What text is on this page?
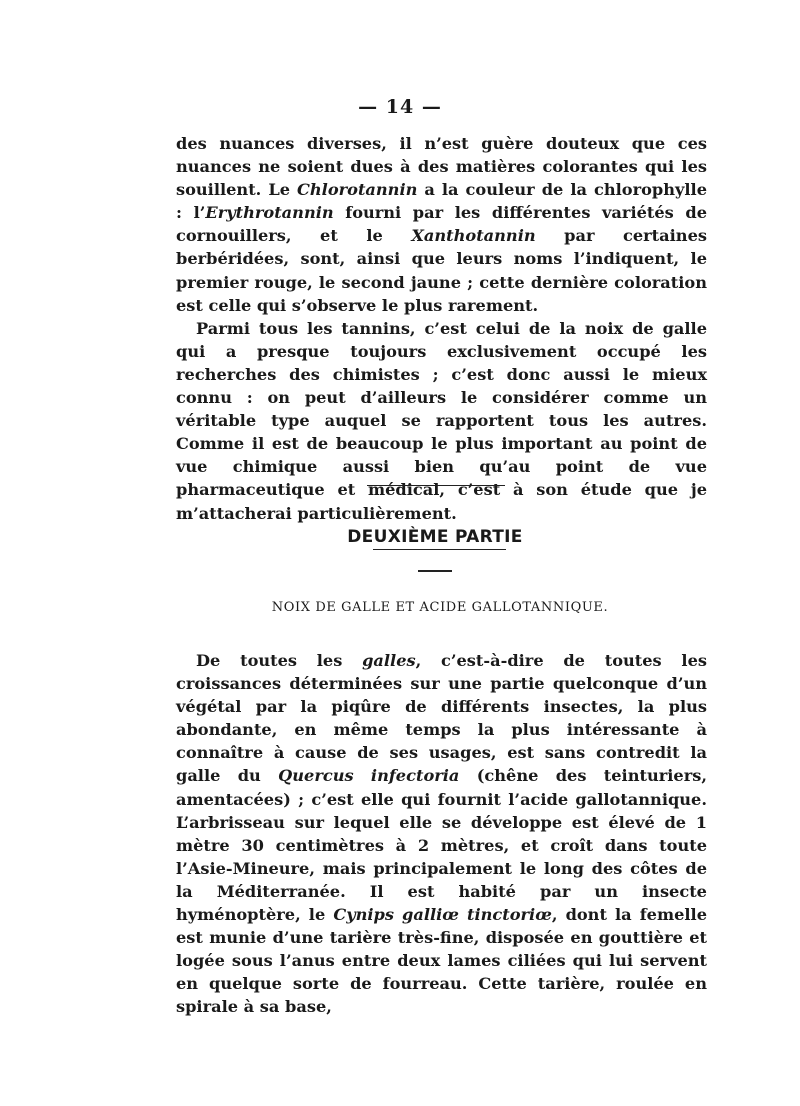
— 14 —

des nuances diverses, il n’est guère douteux que ces nuances ne soient dues à des matières colorantes qui les souillent. Le Chlorotannin a la couleur de la chlorophylle : l’Erythrotannin fourni par les différentes variétés de cornouillers, et le Xanthotannin par certaines berbéridées, sont, ainsi que leurs noms l’indiquent, le premier rouge, le second jaune ; cette dernière coloration est celle qui s’observe le plus rarement.

Parmi tous les tannins, c’est celui de la noix de galle qui a presque toujours exclusivement occupé les recherches des chimistes ; c’est donc aussi le mieux connu : on peut d’ailleurs le considérer comme un véritable type auquel se rapportent tous les autres. Comme il est de beaucoup le plus important au point de vue chimique aussi bien qu’au point de vue pharmaceutique et médical, c’est à son étude que je m’attacherai particulièrement.

DEUXIÈME PARTIE
NOIX DE GALLE ET ACIDE GALLOTANNIQUE.

De toutes les galles, c’est-à-dire de toutes les croissances déterminées sur une partie quelconque d’un végétal par la piqûre de différents insectes, la plus abondante, en même temps la plus intéressante à connaître à cause de ses usages, est sans contredit la galle du Quercus infectoria (chêne des teinturiers, amentacées) ; c’est elle qui fournit l’acide gallotannique. L’arbrisseau sur lequel elle se développe est élevé de 1 mètre 30 centimètres à 2 mètres, et croît dans toute l’Asie-Mineure, mais principalement le long des côtes de la Méditerranée. Il est habité par un insecte hyménoptère, le Cynips galliœ tinctoriœ, dont la femelle est munie d’une tarière très-fine, disposée en gouttière et logée sous l’anus entre deux lames ciliées qui lui servent en quelque sorte de fourreau. Cette tarière, roulée en spirale à sa base,
